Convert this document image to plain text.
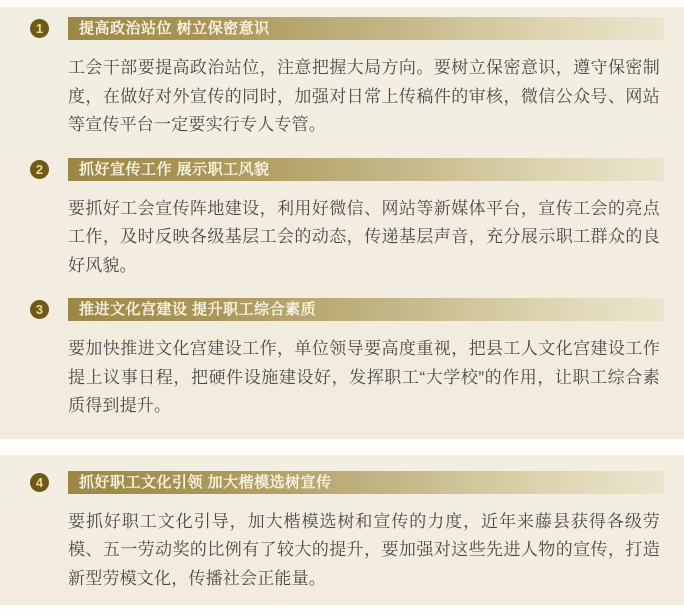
1	提高政治站位 树立保密意识

工会干部要提高政治站位，注意把握大局方向。要树立保密意识，遵守保密制度，在做好对外宣传的同时，加强对日常上传稿件的审核，微信公众号、网站等宣传平台一定要实行专人专管。

2	抓好宣传工作 展示职工风貌

要抓好工会宣传阵地建设，利用好微信、网站等新媒体平台，宣传工会的亮点工作，及时反映各级基层工会的动态，传递基层声音，充分展示职工群众的良好风貌。

3	推进文化宫建设 提升职工综合素质

要加快推进文化宫建设工作，单位领导要高度重视，把县工人文化宫建设工作提上议事日程，把硬件设施建设好，发挥职工“大学校”的作用，让职工综合素质得到提升。

4	抓好职工文化引领 加大楷模选树宣传

要抓好职工文化引导，加大楷模选树和宣传的力度，近年来藤县获得各级劳模、五一劳动奖的比例有了较大的提升，要加强对这些先进人物的宣传，打造新型劳模文化，传播社会正能量。
